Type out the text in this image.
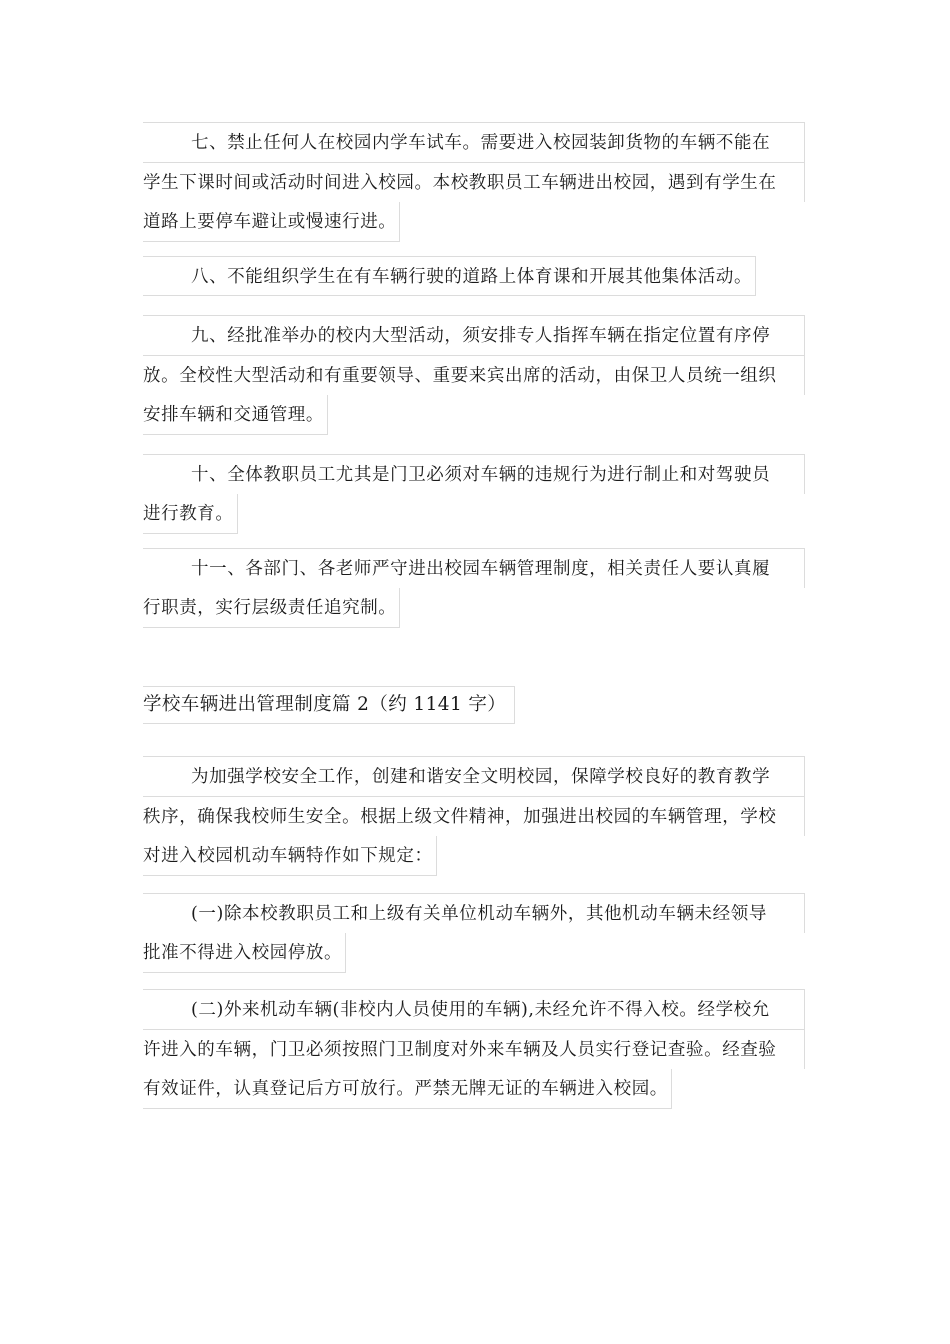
七、禁止任何人在校园内学车试车。需要进入校园装卸货物的车辆不能在
学生下课时间或活动时间进入校园。本校教职员工车辆进出校园，遇到有学生在
道路上要停车避让或慢速行进。
八、不能组织学生在有车辆行驶的道路上体育课和开展其他集体活动。
九、经批准举办的校内大型活动，须安排专人指挥车辆在指定位置有序停
放。全校性大型活动和有重要领导、重要来宾出席的活动，由保卫人员统一组织
安排车辆和交通管理。
十、全体教职员工尤其是门卫必须对车辆的违规行为进行制止和对驾驶员
进行教育。
十一、各部门、各老师严守进出校园车辆管理制度，相关责任人要认真履
行职责，实行层级责任追究制。
学校车辆进出管理制度篇 2（约 1141 字）
为加强学校安全工作，创建和谐安全文明校园，保障学校良好的教育教学
秩序，确保我校师生安全。根据上级文件精神，加强进出校园的车辆管理，学校
对进入校园机动车辆特作如下规定：
(一)除本校教职员工和上级有关单位机动车辆外，其他机动车辆未经领导
批准不得进入校园停放。
(二)外来机动车辆(非校内人员使用的车辆),未经允许不得入校。经学校允
许进入的车辆，门卫必须按照门卫制度对外来车辆及人员实行登记查验。经查验
有效证件，认真登记后方可放行。严禁无牌无证的车辆进入校园。
